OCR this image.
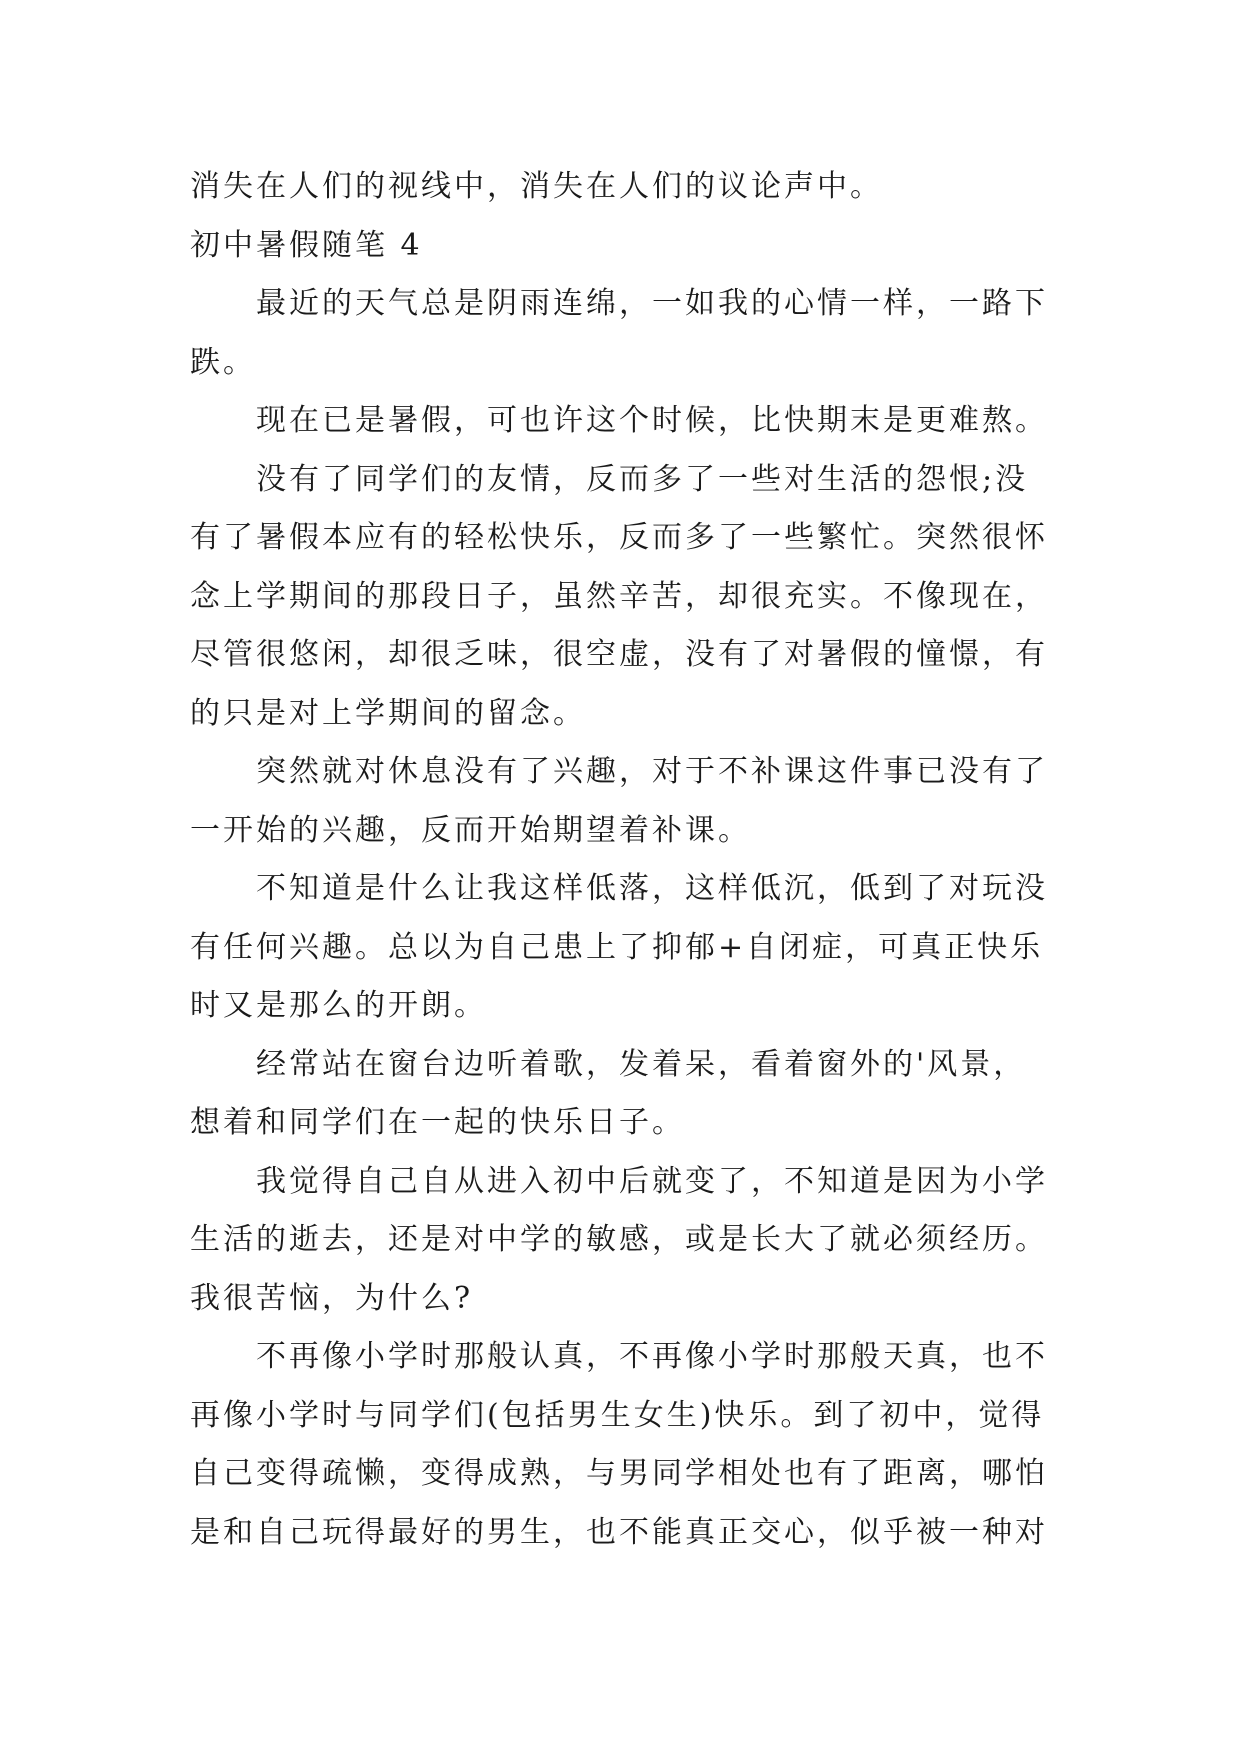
消失在人们的视线中，消失在人们的议论声中。
初中暑假随笔 4
最近的天气总是阴雨连绵，一如我的心情一样，一路下
跌。
现在已是暑假，可也许这个时候，比快期末是更难熬。
没有了同学们的友情，反而多了一些对生活的怨恨;没
有了暑假本应有的轻松快乐，反而多了一些繁忙。突然很怀
念上学期间的那段日子，虽然辛苦，却很充实。不像现在，
尽管很悠闲，却很乏味，很空虚，没有了对暑假的憧憬，有
的只是对上学期间的留念。
突然就对休息没有了兴趣，对于不补课这件事已没有了
一开始的兴趣，反而开始期望着补课。
不知道是什么让我这样低落，这样低沉，低到了对玩没
有任何兴趣。总以为自己患上了抑郁+自闭症，可真正快乐
时又是那么的开朗。
经常站在窗台边听着歌，发着呆，看着窗外的'风景，
想着和同学们在一起的快乐日子。
我觉得自己自从进入初中后就变了，不知道是因为小学
生活的逝去，还是对中学的敏感，或是长大了就必须经历。
我很苦恼，为什么?
不再像小学时那般认真，不再像小学时那般天真，也不
再像小学时与同学们(包括男生女生)快乐。到了初中，觉得
自己变得疏懒，变得成熟，与男同学相处也有了距离，哪怕
是和自己玩得最好的男生，也不能真正交心，似乎被一种对
